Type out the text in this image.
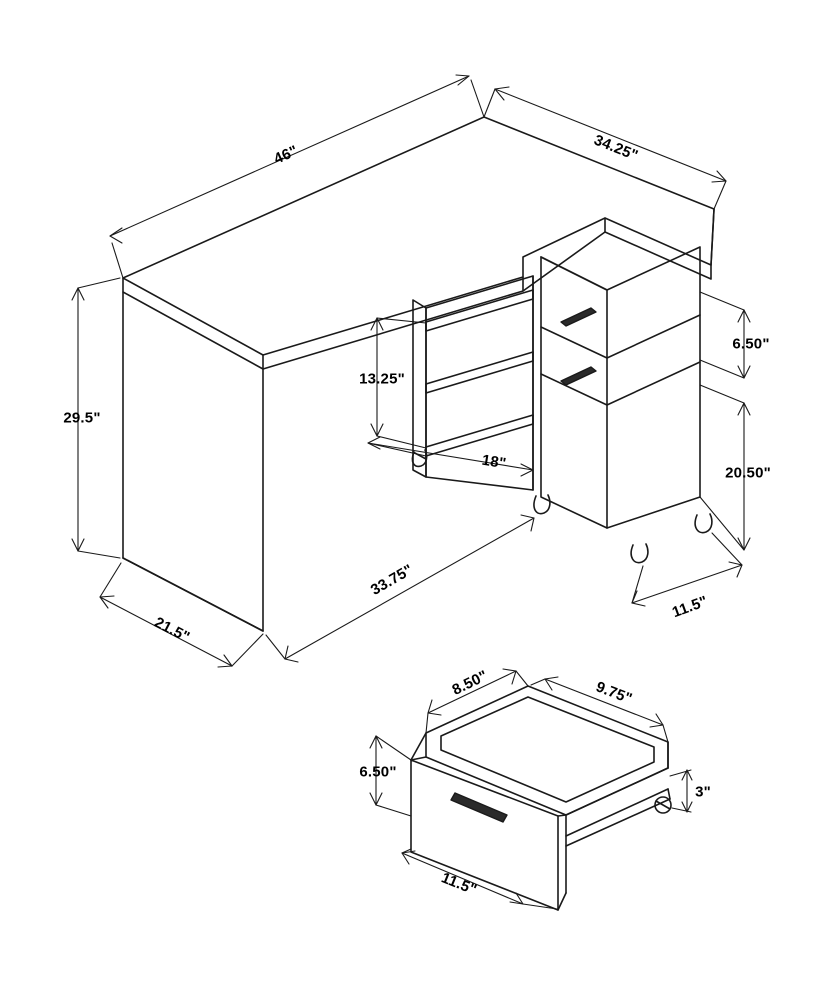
46"	34.25"
29.5"
21.5"
33.75"
11.5"
13.25"
18"
6.50"
20.50"
8.50"	9.75"
6.50"
3"
11.5"
